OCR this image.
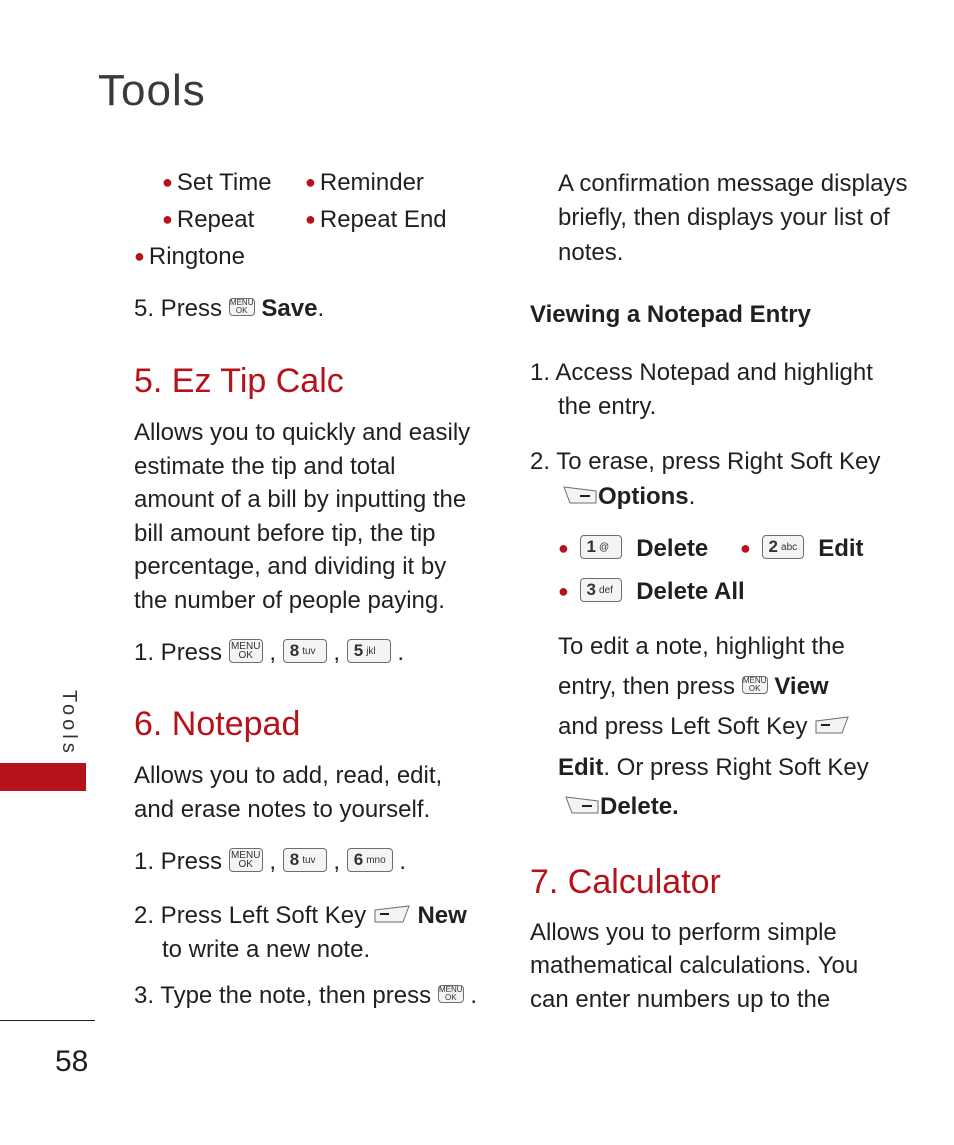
Tools
Tools
58
● Set Time ● Reminder
● Repeat	● Repeat End
● Ringtone
5. Press MENU
OK Save.
5. Ez Tip Calc
Allows you to quickly and easily
estimate the tip and total
amount of a bill by inputting the
bill amount before tip, the tip
percentage, and dividing it by
the number of people paying.
1. Press MENU
OK , 8 tuv , 5 jkl .
6. Notepad
Allows you to add, read, edit,
and erase notes to yourself.
1. Press MENU
OK , 8 tuv , 6 mno .
2. Press Left Soft Key New
to write a new note.
3. Type the note, then press MENU
OK .
A confirmation message displays
briefly, then displays your list of
notes.
Viewing a Notepad Entry
1. Access Notepad and highlight
the entry.
2. To erase, press Right Soft Key
Options.
● 1 @ Delete ● 2 abc Edit
● 3 def Delete All
To edit a note, highlight the
entry, then press MENU
OK View
and press Left Soft Key
Edit. Or press Right Soft Key
Delete.
7. Calculator
Allows you to perform simple
mathematical calculations. You
can enter numbers up to the
